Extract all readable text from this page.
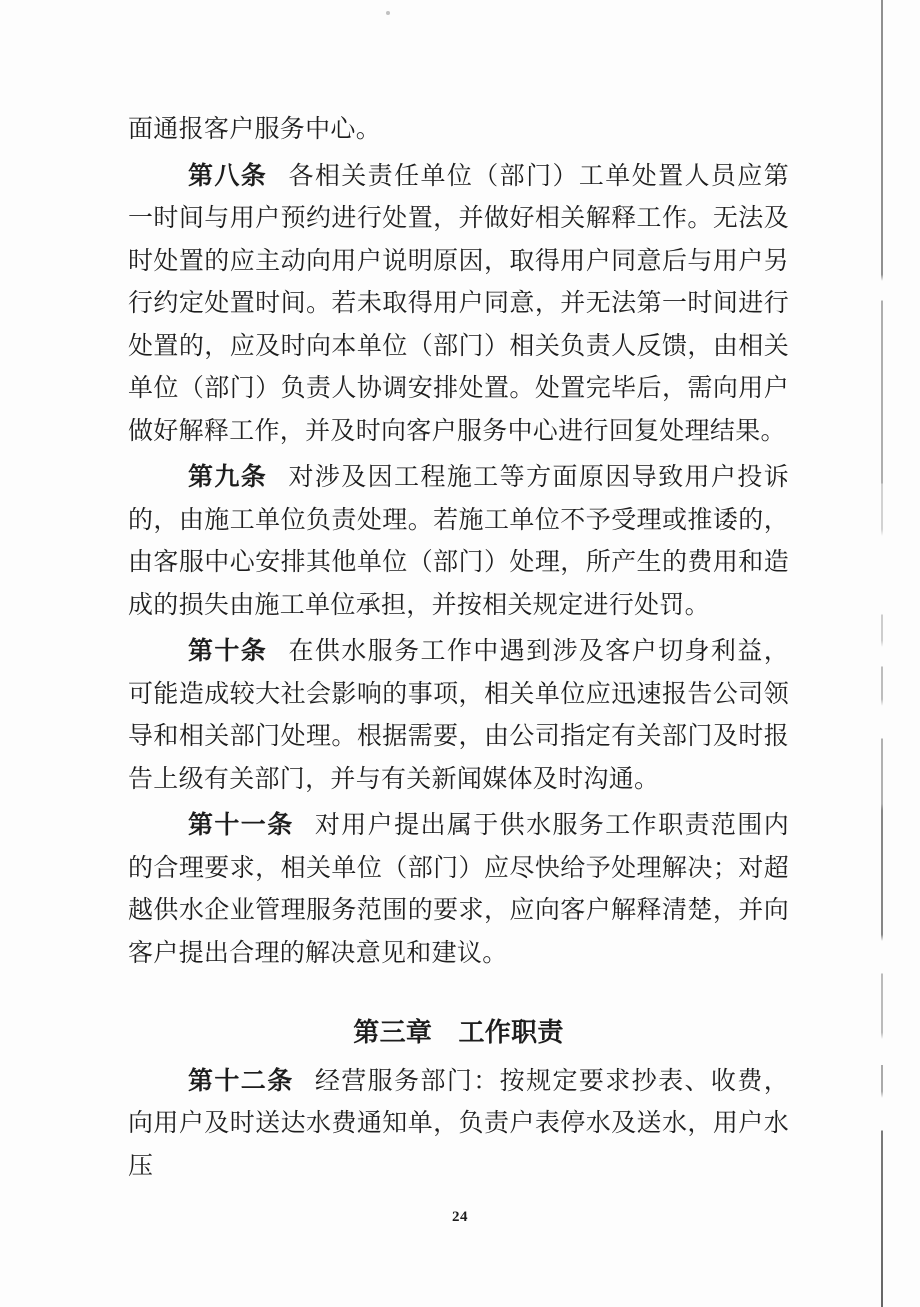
面通报客户服务中心。

第八条 各相关责任单位（部门）工单处置人员应第一时间与用户预约进行处置，并做好相关解释工作。无法及时处置的应主动向用户说明原因，取得用户同意后与用户另行约定处置时间。若未取得用户同意，并无法第一时间进行处置的，应及时向本单位（部门）相关负责人反馈，由相关单位（部门）负责人协调安排处置。处置完毕后，需向用户做好解释工作，并及时向客户服务中心进行回复处理结果。

第九条 对涉及因工程施工等方面原因导致用户投诉的，由施工单位负责处理。若施工单位不予受理或推诿的，由客服中心安排其他单位（部门）处理，所产生的费用和造成的损失由施工单位承担，并按相关规定进行处罚。

第十条 在供水服务工作中遇到涉及客户切身利益，可能造成较大社会影响的事项，相关单位应迅速报告公司领导和相关部门处理。根据需要，由公司指定有关部门及时报告上级有关部门，并与有关新闻媒体及时沟通。

第十一条 对用户提出属于供水服务工作职责范围内的合理要求，相关单位（部门）应尽快给予处理解决；对超越供水企业管理服务范围的要求，应向客户解释清楚，并向客户提出合理的解决意见和建议。

第三章　工作职责

第十二条 经营服务部门：按规定要求抄表、收费，向用户及时送达水费通知单，负责户表停水及送水，用户水压

24
